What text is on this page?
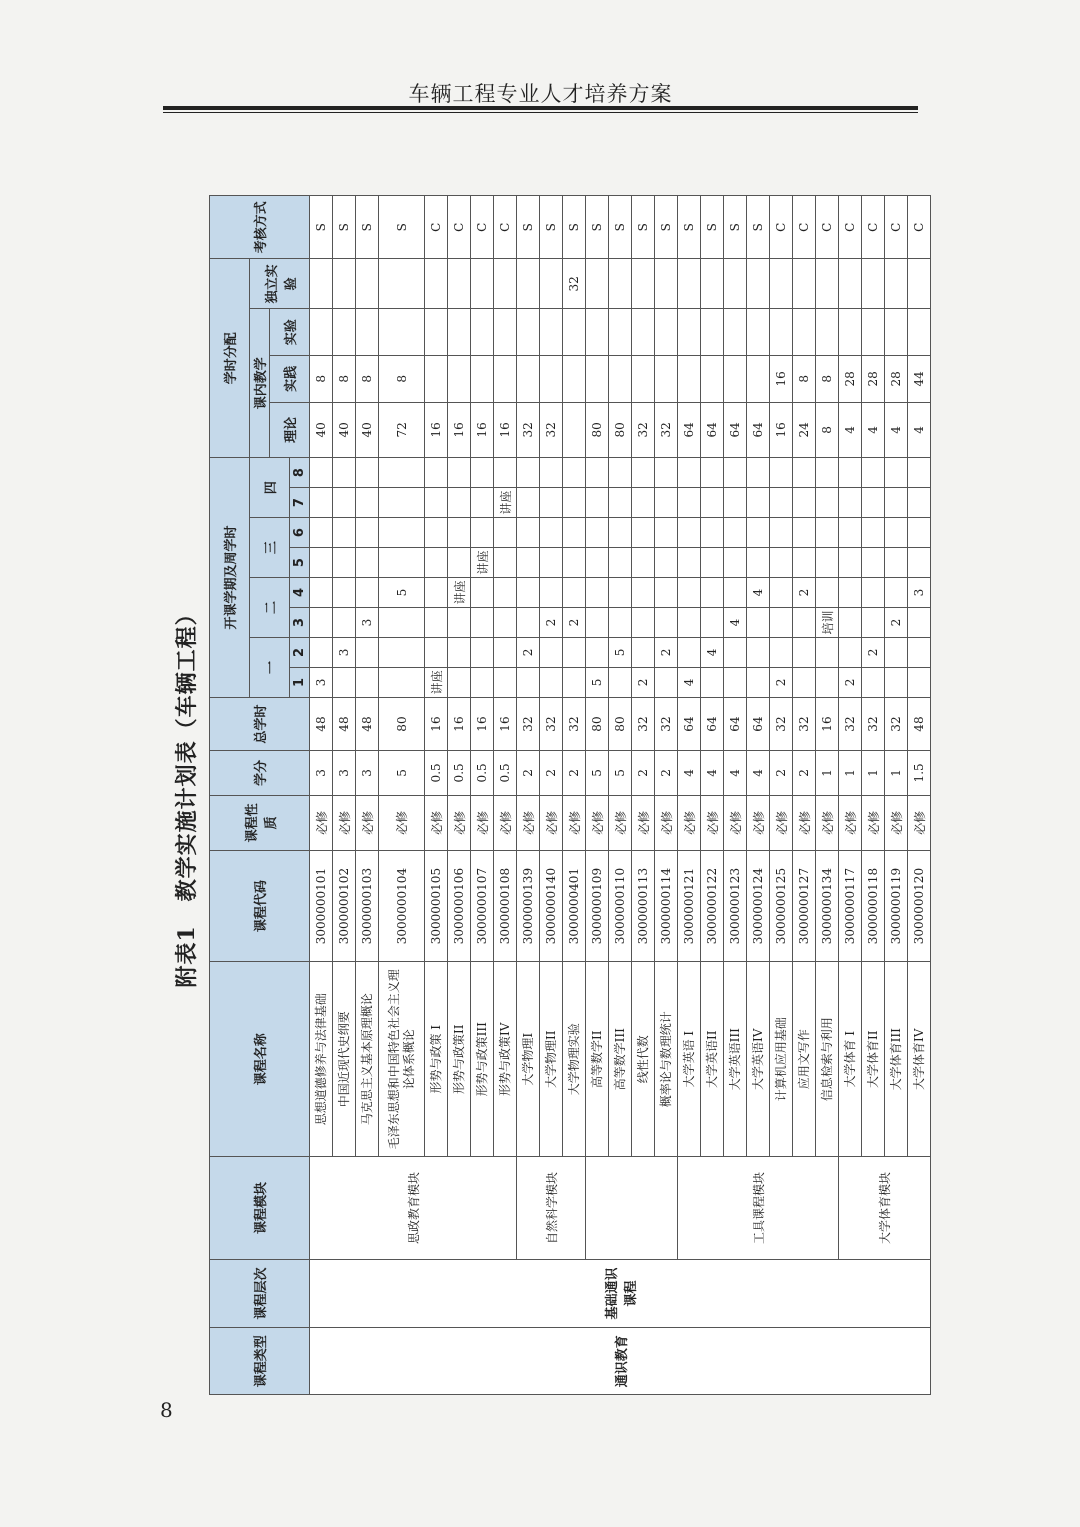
车辆工程专业人才培养方案
附表1教学实施计划表（车辆工程）
课程类型	课程层次	课程模块	课程名称	课程代码	课程性质	学分	总学时	开课学期及周学时								学时分配				考核方式
								一		二		三		四		课内教学			独立实验	
																理论	实践	实验		
								1	2	3	4	5	6	7	8					
通识教育	基础通识课程	思政教育模块	思想道德修养与法律基础	3000000101	必修	3	48	3								40	8			S
			中国近现代史纲要	3000000102	必修	3	48		3							40	8			S
			马克思主义基本原理概论	3000000103	必修	3	48			3						40	8			S
			毛泽东思想和中国特色社会主义理论体系概论	3000000104	必修	5	80				5					72	8			S
			形势与政策 I	3000000105	必修	0.5	16	讲座								16				C
			形势与政策II	3000000106	必修	0.5	16				讲座					16				C
			形势与政策III	3000000107	必修	0.5	16					讲座				16				C
			形势与政策IV	3000000108	必修	0.5	16							讲座		16				C
		自然科学模块	大学物理I	3000000139	必修	2	32		2							32				S
			大学物理II	3000000140	必修	2	32			2						32				S
			大学物理实验	3000000401	必修	2	32			2									32	S
			高等数学II	3000000109	必修	5	80	5								80				S
			高等数学III	3000000110	必修	5	80		5							80				S
			线性代数	3000000113	必修	2	32	2								32				S
			概率论与数理统计	3000000114	必修	2	32		2							32				S
		工具课程模块	大学英语 I	3000000121	必修	4	64	4								64				S
			大学英语II	3000000122	必修	4	64		4							64				S
			大学英语III	3000000123	必修	4	64			4						64				S
			大学英语IV	3000000124	必修	4	64				4					64				S
			计算机应用基础	3000000125	必修	2	32	2								16	16			C
			应用文写作	3000000127	必修	2	32				2					24	8			C
			信息检索与利用	3000000134	必修	1	16			培训						8	8			C
		大学体育模块	大学体育 I	3000000117	必修	1	32	2								4	28			C
			大学体育II	3000000118	必修	1	32		2							4	28			C
			大学体育III	3000000119	必修	1	32			2						4	28			C
			大学体育IV	3000000120	必修	1.5	48				3					4	44			C
8
